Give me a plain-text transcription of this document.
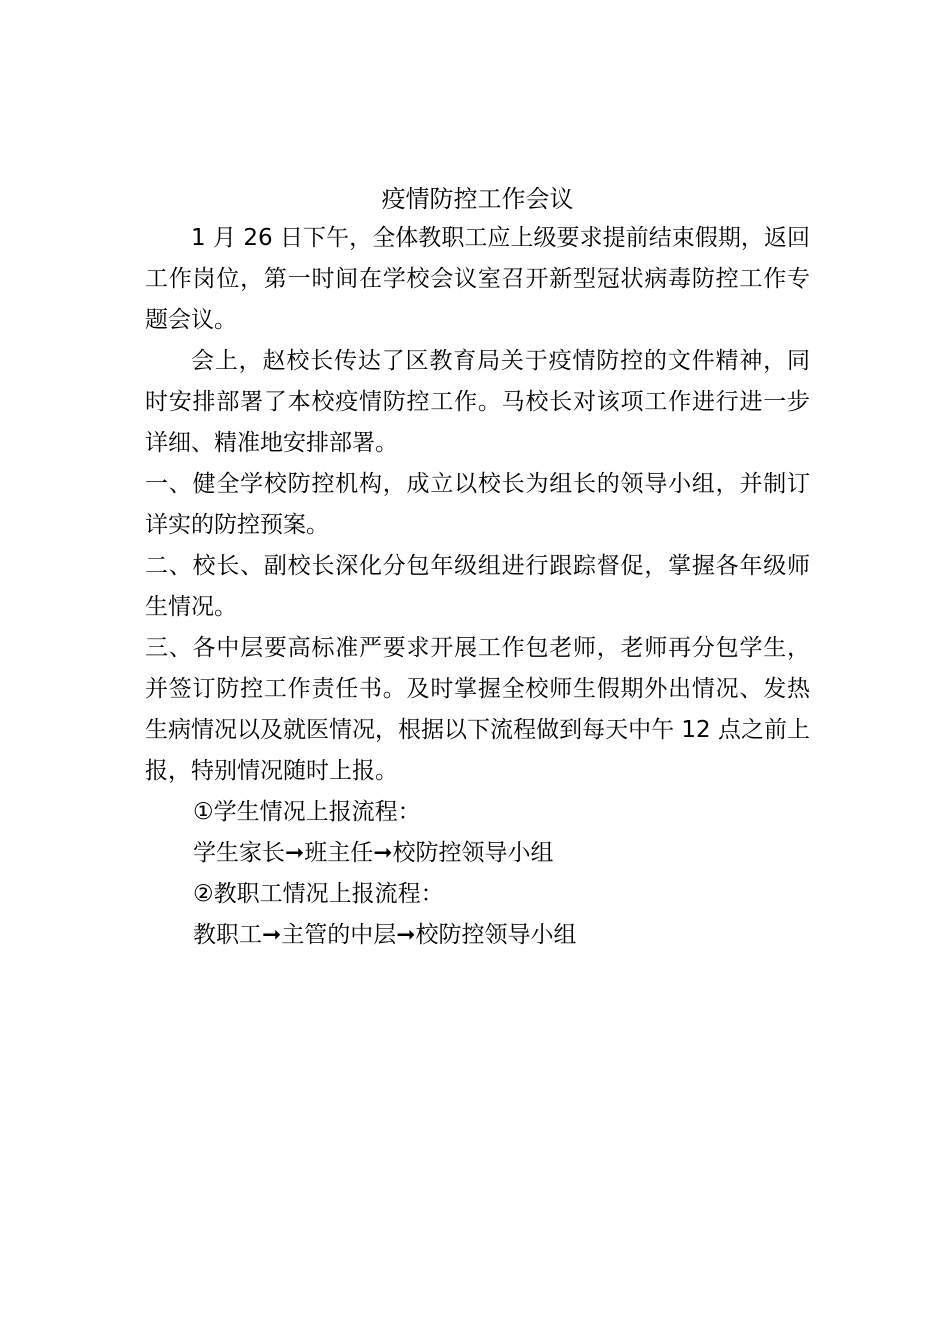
疫情防控工作会议

1 月 26 日下午，全体教职工应上级要求提前结束假期，返回工作岗位，第一时间在学校会议室召开新型冠状病毒防控工作专题会议。

会上，赵校长传达了区教育局关于疫情防控的文件精神，同时安排部署了本校疫情防控工作。马校长对该项工作进行进一步详细、精准地安排部署。

一、健全学校防控机构，成立以校长为组长的领导小组，并制订详实的防控预案。

二、校长、副校长深化分包年级组进行跟踪督促，掌握各年级师生情况。

三、各中层要高标准严要求开展工作包老师，老师再分包学生，并签订防控工作责任书。及时掌握全校师生假期外出情况、发热生病情况以及就医情况，根据以下流程做到每天中午 12 点之前上报，特别情况随时上报。

①学生情况上报流程：

学生家长➞班主任➞校防控领导小组

②教职工情况上报流程：

教职工➞主管的中层➞校防控领导小组
